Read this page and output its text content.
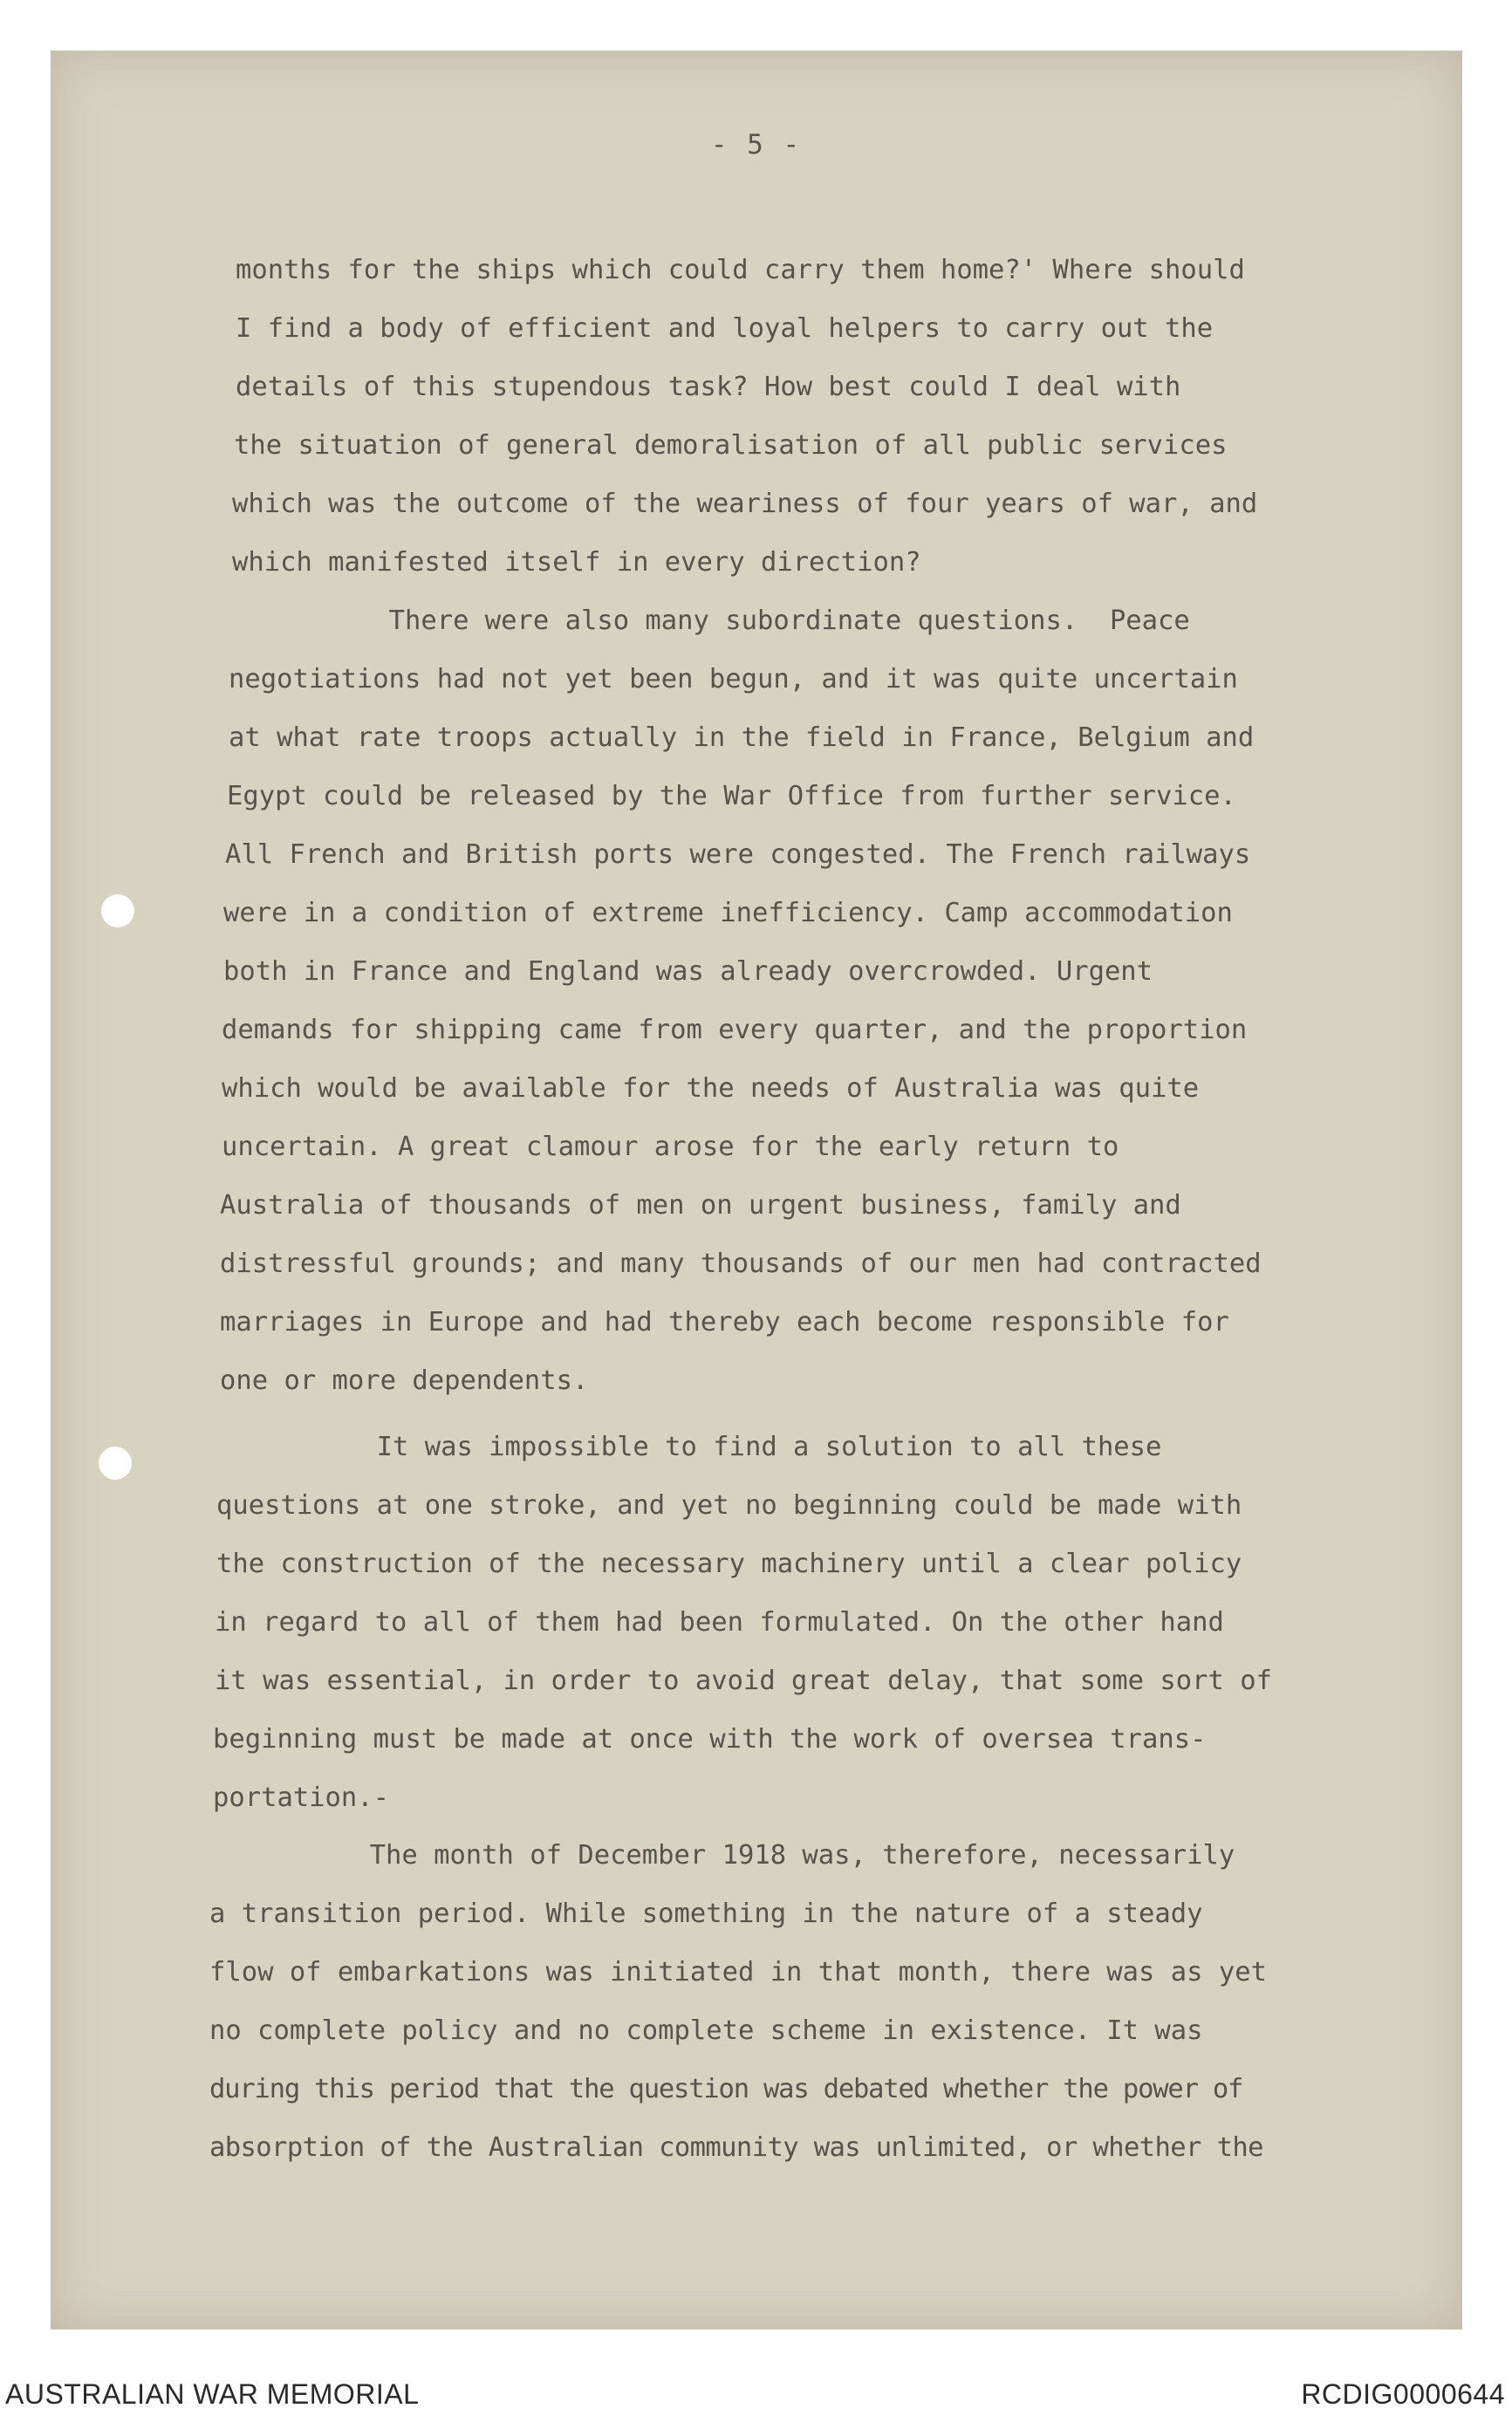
- 5 -
months for the ships which could carry them home?' Where should
I find a body of efficient and loyal helpers to carry out the
details of this stupendous task? How best could I deal with
the situation of general demoralisation of all public services
which was the outcome of the weariness of four years of war, and
which manifested itself in every direction?
There were also many subordinate questions.  Peace
negotiations had not yet been begun, and it was quite uncertain
at what rate troops actually in the field in France, Belgium and
Egypt could be released by the War Office from further service.
All French and British ports were congested. The French railways
were in a condition of extreme inefficiency. Camp accommodation
both in France and England was already overcrowded. Urgent
demands for shipping came from every quarter, and the proportion
which would be available for the needs of Australia was quite
uncertain. A great clamour arose for the early return to
Australia of thousands of men on urgent business, family and
distressful grounds; and many thousands of our men had contracted
marriages in Europe and had thereby each become responsible for
one or more dependents.
It was impossible to find a solution to all these
questions at one stroke, and yet no beginning could be made with
the construction of the necessary machinery until a clear policy
in regard to all of them had been formulated. On the other hand
it was essential, in order to avoid great delay, that some sort of
beginning must be made at once with the work of oversea trans-
portation.-
The month of December 1918 was, therefore, necessarily
a transition period. While something in the nature of a steady
flow of embarkations was initiated in that month, there was as yet
no complete policy and no complete scheme in existence. It was
during this period that the question was debated whether the power of
absorption of the Australian community was unlimited, or whether the
AUSTRALIAN WAR MEMORIAL	RCDIG0000644
